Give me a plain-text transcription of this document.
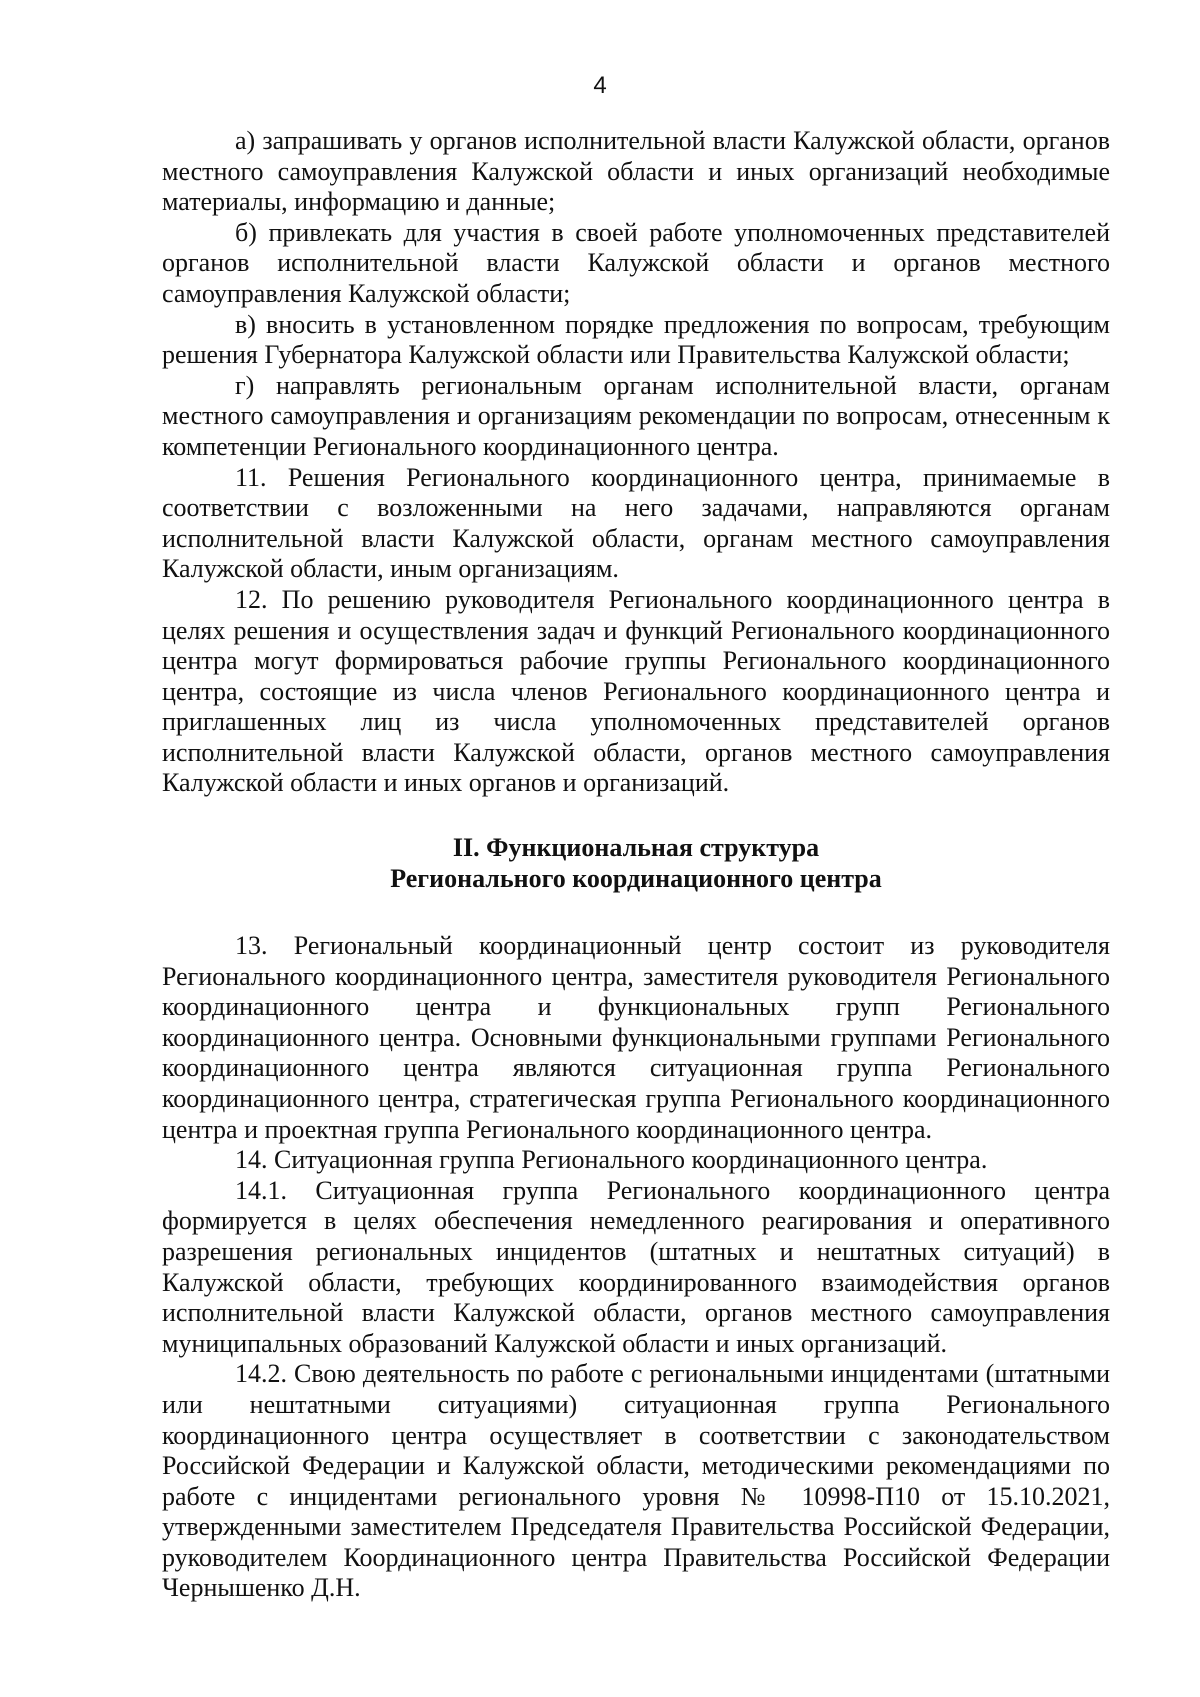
4

а) запрашивать у органов исполнительной власти Калужской области, органов местного самоуправления Калужской области и иных организаций необходимые материалы, информацию и данные;

б) привлекать для участия в своей работе уполномоченных представителей органов исполнительной власти Калужской области и органов местного самоуправления Калужской области;

в) вносить в установленном порядке предложения по вопросам, требующим решения Губернатора Калужской области или Правительства Калужской области;

г) направлять региональным органам исполнительной власти, органам местного самоуправления и организациям рекомендации по вопросам, отнесенным к компетенции Регионального координационного центра.

11. Решения Регионального координационного центра, принимаемые в соответствии с возложенными на него задачами, направляются органам исполнительной власти Калужской области, органам местного самоуправления Калужской области, иным организациям.

12. По решению руководителя Регионального координационного центра в целях решения и осуществления задач и функций Регионального координационного центра могут формироваться рабочие группы Регионального координационного центра, состоящие из числа членов Регионального координационного центра и приглашенных лиц из числа уполномоченных представителей органов исполнительной власти Калужской области, органов местного самоуправления Калужской области и иных органов и организаций.

II. Функциональная структура
Регионального координационного центра

13. Региональный координационный центр состоит из руководителя Регионального координационного центра, заместителя руководителя Регионального координационного центра и функциональных групп Регионального координационного центра. Основными функциональными группами Регионального координационного центра являются ситуационная группа Регионального координационного центра, стратегическая группа Регионального координационного центра и проектная группа Регионального координационного центра.

14. Ситуационная группа Регионального координационного центра.

14.1. Ситуационная группа Регионального координационного центра формируется в целях обеспечения немедленного реагирования и оперативного разрешения региональных инцидентов (штатных и нештатных ситуаций) в Калужской области, требующих координированного взаимодействия органов исполнительной власти Калужской области, органов местного самоуправления муниципальных образований Калужской области и иных организаций.

14.2. Свою деятельность по работе с региональными инцидентами (штатными или нештатными ситуациями) ситуационная группа Регионального координационного центра осуществляет в соответствии с законодательством Российской Федерации и Калужской области, методическими рекомендациями по работе с инцидентами регионального уровня № 10998-П10 от 15.10.2021, утвержденными заместителем Председателя Правительства Российской Федерации, руководителем Координационного центра Правительства Российской Федерации Чернышенко Д.Н.
